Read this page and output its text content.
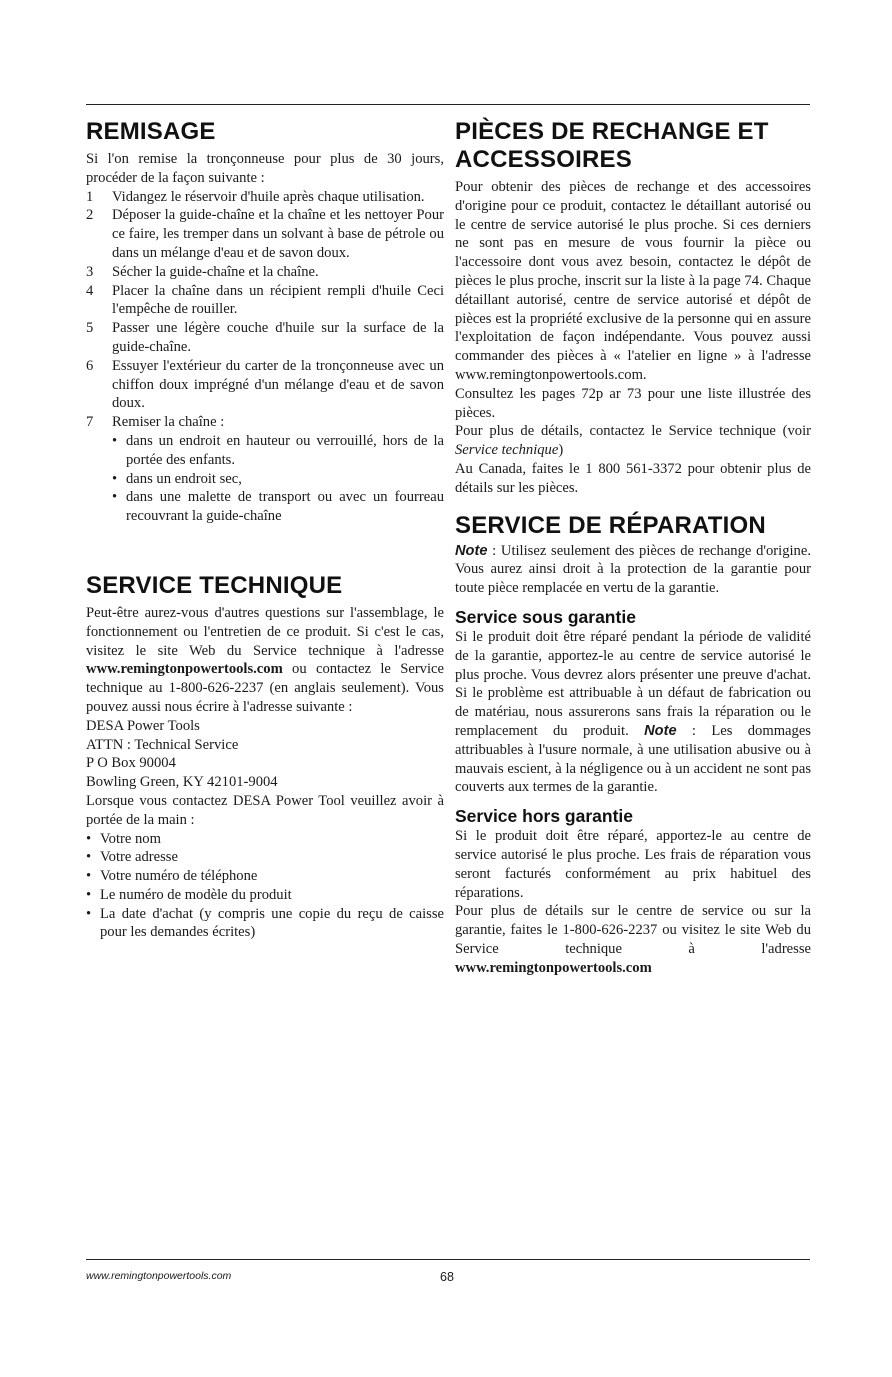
REMISAGE

Si l'on remise la tronçonneuse pour plus de 30 jours, procéder de la façon suivante :

1 Vidangez le réservoir d'huile après chaque utilisation.
2 Déposer la guide-chaîne et la chaîne et les nettoyer Pour ce faire, les tremper dans un solvant à base de pétrole ou dans un mélange d'eau et de savon doux.
3 Sécher la guide-chaîne et la chaîne.
4 Placer la chaîne dans un récipient rempli d'huile Ceci l'empêche de rouiller.
5 Passer une légère couche d'huile sur la surface de la guide-chaîne.
6 Essuyer l'extérieur du carter de la tronçonneuse avec un chiffon doux imprégné d'un mélange d'eau et de savon doux.
7 Remiser la chaîne :
• dans un endroit en hauteur ou verrouillé, hors de la portée des enfants.
• dans un endroit sec,
• dans une malette de transport ou avec un fourreau recouvrant la guide-chaîne
SERVICE TECHNIQUE

Peut-être aurez-vous d'autres questions sur l'assemblage, le fonctionnement ou l'entretien de ce produit. Si c'est le cas, visitez le site Web du Service technique à l'adresse www.remingtonpowertools.com ou contactez le Service technique au 1-800-626-2237 (en anglais seulement). Vous pouvez aussi nous écrire à l'adresse suivante :

DESA Power Tools

ATTN : Technical Service

P O Box 90004

Bowling Green, KY 42101-9004

Lorsque vous contactez DESA Power Tool veuillez avoir à portée de la main :

• Votre nom
• Votre adresse
• Votre numéro de téléphone
• Le numéro de modèle du produit
• La date d'achat (y compris une copie du reçu de caisse pour les demandes écrites)
PIÈCES DE RECHANGE ET ACCESSOIRES

Pour obtenir des pièces de rechange et des accessoires d'origine pour ce produit, contactez le détaillant autorisé ou le centre de service autorisé le plus proche. Si ces derniers ne sont pas en mesure de vous fournir la pièce ou l'accessoire dont vous avez besoin, contactez le dépôt de pièces le plus proche, inscrit sur la liste à la page 74. Chaque détaillant autorisé, centre de service autorisé et dépôt de pièces est la propriété exclusive de la personne qui en assure l'exploitation de façon indépendante. Vous pouvez aussi commander des pièces à « l'atelier en ligne » à l'adresse www.remingtonpowertools.com.

Consultez les pages 72p ar 73 pour une liste illustrée des pièces.

Pour plus de détails, contactez le Service technique (voir Service technique)

Au Canada, faites le 1 800 561-3372 pour obtenir plus de détails sur les pièces.

SERVICE DE RÉPARATION

Note : Utilisez seulement des pièces de rechange d'origine. Vous aurez ainsi droit à la protection de la garantie pour toute pièce remplacée en vertu de la garantie.

Service sous garantie

Si le produit doit être réparé pendant la période de validité de la garantie, apportez-le au centre de service autorisé le plus proche. Vous devrez alors présenter une preuve d'achat. Si le problème est attribuable à un défaut de fabrication ou de matériau, nous assurerons sans frais la réparation ou le remplacement du produit. Note : Les dommages attribuables à l'usure normale, à une utilisation abusive ou à mauvais escient, à la négligence ou à un accident ne sont pas couverts aux termes de la garantie.

Service hors garantie

Si le produit doit être réparé, apportez-le au centre de service autorisé le plus proche. Les frais de réparation vous seront facturés conformément au prix habituel des réparations.

Pour plus de détails sur le centre de service ou sur la garantie, faites le 1-800-626-2237 ou visitez le site Web du Service technique à l'adresse www.remingtonpowertools.com

www.remingtonpowertools.com	68
